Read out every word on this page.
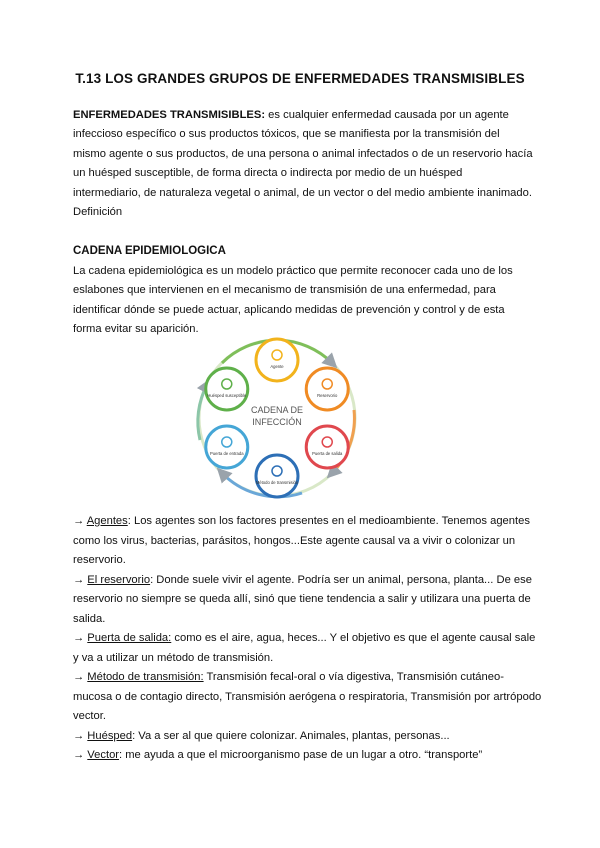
T.13 LOS GRANDES GRUPOS DE ENFERMEDADES TRANSMISIBLES
ENFERMEDADES TRANSMISIBLES: es cualquier enfermedad causada por un agente infeccioso específico o sus productos tóxicos, que se manifiesta por la transmisión del mismo agente o sus productos, de una persona o animal infectados o de un reservorio hacía un huésped susceptible, de forma directa o indirecta por medio de un huésped intermediario, de naturaleza vegetal o animal, de un vector o del medio ambiente inanimado. Definición
CADENA EPIDEMIOLOGICA
La cadena epidemiológica es un modelo práctico que permite reconocer cada uno de los eslabones que intervienen en el mecanismo de transmisión de una enfermedad, para identificar dónde se puede actuar, aplicando medidas de prevención y control y de esta forma evitar su aparición.
CADENA DE
INFECCIÓN
Agente
Reservorio
Puerta de salida
Método de transmisión
Puerta de entrada
Huésped susceptible

→ Agentes: Los agentes son los factores presentes en el medioambiente. Tenemos agentes como los virus, bacterias, parásitos, hongos...Este agente causal va a vivir o colonizar un reservorio.

→ El reservorio: Donde suele vivir el agente. Podría ser un animal, persona, planta... De ese reservorio no siempre se queda allí, sinó que tiene tendencia a salir y utilizara una puerta de salida.

→ Puerta de salida: como es el aire, agua, heces... Y el objetivo es que el agente causal sale y va a utilizar un método de transmisión.

→ Método de transmisión: Transmisión fecal-oral o vía digestiva, Transmisión cutáneo-mucosa o de contagio directo, Transmisión aerógena o respiratoria, Transmisión por artrópodo vector.

→ Huésped: Va a ser al que quiere colonizar. Animales, plantas, personas...

→ Vector: me ayuda a que el microorganismo pase de un lugar a otro. “transporte”
